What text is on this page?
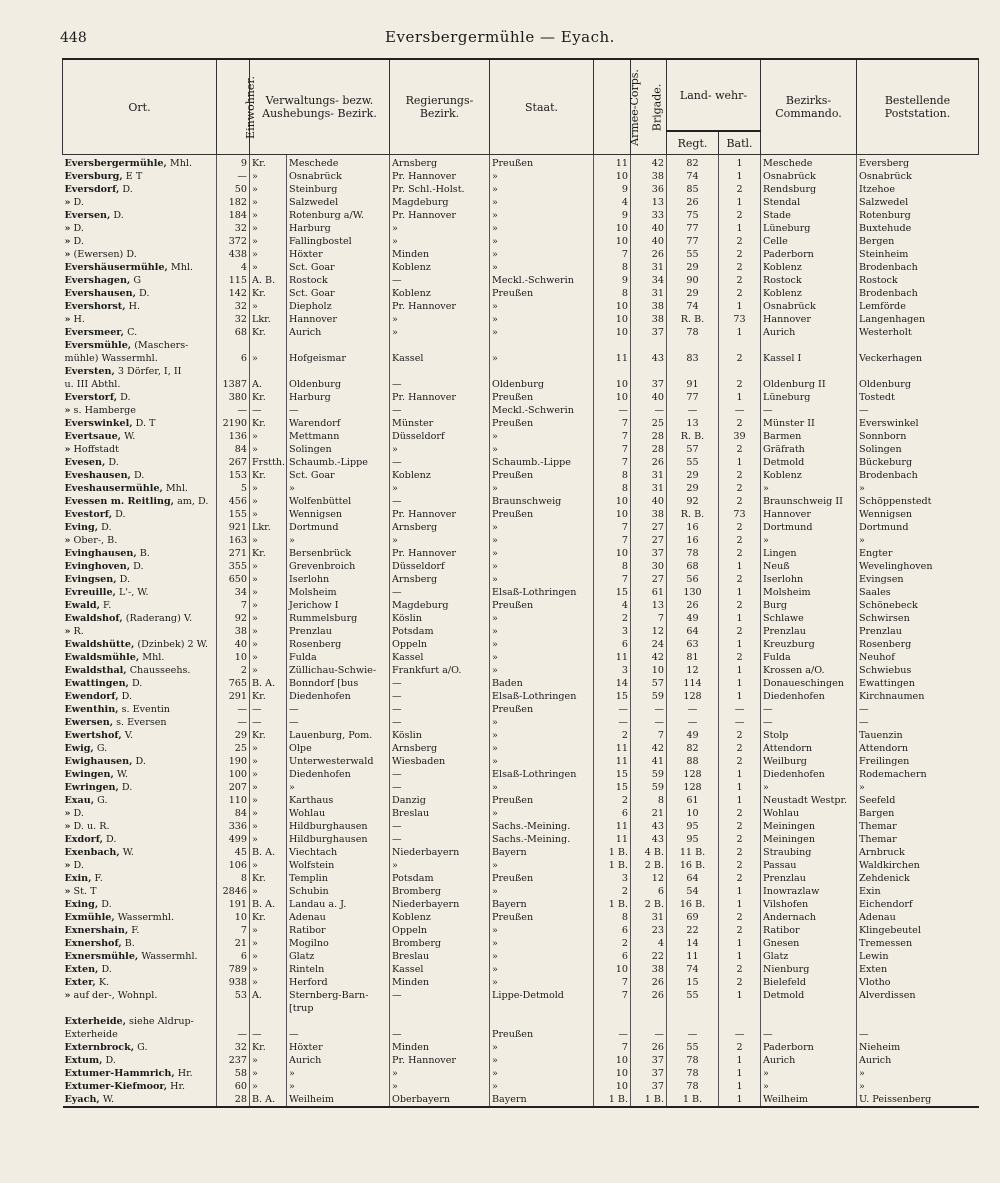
448	Eversbergermühle — Eyach.
Ort.	Einwohner.	Verwaltungs- bezw. Aushebungs- Bezirk.		Regierungs- Bezirk.	Staat.	Armee-Corps.	Brigade.	Land- wehr-		Bezirks- Commando.	Bestellende Poststation.
								Regt.	Batl.		
Eversbergermühle, Mhl.	9	Kr.	Meschede	Arnsberg	Preußen	11	42	82	1	Meschede	Eversberg
Eversburg, E T	—	»	Osnabrück	Pr. Hannover	»	10	38	74	1	Osnabrück	Osnabrück
Eversdorf, D.	50	»	Steinburg	Pr. Schl.-Holst.	»	9	36	85	2	Rendsburg	Itzehoe
» D.	182	»	Salzwedel	Magdeburg	»	4	13	26	1	Stendal	Salzwedel
Eversen, D.	184	»	Rotenburg a/W.	Pr. Hannover	»	9	33	75	2	Stade	Rotenburg
» D.	32	»	Harburg	»	»	10	40	77	1	Lüneburg	Buxtehude
» D.	372	»	Fallingbostel	»	»	10	40	77	2	Celle	Bergen
» (Ewersen) D.	438	»	Höxter	Minden	»	7	26	55	2	Paderborn	Steinheim
Evershäusermühle, Mhl.	4	»	Sct. Goar	Koblenz	»	8	31	29	2	Koblenz	Brodenbach
Evershagen, G	115	A. B.	Rostock	—	Meckl.-Schwerin	9	34	90	2	Rostock	Rostock
Evershausen, D.	142	Kr.	Sct. Goar	Koblenz	Preußen	8	31	29	2	Koblenz	Brodenbach
Evershorst, H.	32	»	Diepholz	Pr. Hannover	»	10	38	74	1	Osnabrück	Lemförde
» H.	32	Lkr.	Hannover	»	»	10	38	R. B.	73	Hannover	Langenhagen
Eversmeer, C.	68	Kr.	Aurich	»	»	10	37	78	1	Aurich	Westerholt
Eversmühle, (Maschers-											
mühle) Wassermhl.	6	»	Hofgeismar	Kassel	»	11	43	83	2	Kassel I	Veckerhagen
Eversten, 3 Dörfer, I, II											
u. III Abthl.	1387	A.	Oldenburg	—	Oldenburg	10	37	91	2	Oldenburg II	Oldenburg
Everstorf, D.	380	Kr.	Harburg	Pr. Hannover	Preußen	10	40	77	1	Lüneburg	Tostedt
» s. Hamberge	—	—	—	—	Meckl.-Schwerin	—	—	—	—	—	—
Everswinkel, D. T	2190	Kr.	Warendorf	Münster	Preußen	7	25	13	2	Münster II	Everswinkel
Evertsaue, W.	136	»	Mettmann	Düsseldorf	»	7	28	R. B.	39	Barmen	Sonnborn
» Hoffstadt	84	»	Solingen	»	»	7	28	57	2	Gräfrath	Solingen
Evesen, D.	267	Frstth.	Schaumb.-Lippe	—	Schaumb.-Lippe	7	26	55	1	Detmold	Bückeburg
Eveshausen, D.	153	Kr.	Sct. Goar	Koblenz	Preußen	8	31	29	2	Koblenz	Brodenbach
Eveshausermühle, Mhl.	5	»	»	»	»	8	31	29	2	»	»
Evessen m. Reitling, am, D.	456	»	Wolfenbüttel	—	Braunschweig	10	40	92	2	Braunschweig II	Schöppenstedt
Evestorf, D.	155	»	Wennigsen	Pr. Hannover	Preußen	10	38	R. B.	73	Hannover	Wennigsen
Eving, D.	921	Lkr.	Dortmund	Arnsberg	»	7	27	16	2	Dortmund	Dortmund
» Ober-, B.	163	»	»	»	»	7	27	16	2	»	»
Evinghausen, B.	271	Kr.	Bersenbrück	Pr. Hannover	»	10	37	78	2	Lingen	Engter
Evinghoven, D.	355	»	Grevenbroich	Düsseldorf	»	8	30	68	1	Neuß	Wevelinghoven
Evingsen, D.	650	»	Iserlohn	Arnsberg	»	7	27	56	2	Iserlohn	Evingsen
Evreuille, L'-, W.	34	»	Molsheim	—	Elsaß-Lothringen	15	61	130	1	Molsheim	Saales
Ewald, F.	7	»	Jerichow I	Magdeburg	Preußen	4	13	26	2	Burg	Schönebeck
Ewaldshof, (Raderang) V.	92	»	Rummelsburg	Köslin	»	2	7	49	1	Schlawe	Schwirsen
» R.	38	»	Prenzlau	Potsdam	»	3	12	64	2	Prenzlau	Prenzlau
Ewaldshütte, (Dzinbek) 2 W.	40	»	Rosenberg	Oppeln	»	6	24	63	1	Kreuzburg	Rosenberg
Ewaldsmühle, Mhl.	10	»	Fulda	Kassel	»	11	42	81	2	Fulda	Neuhof
Ewaldsthal, Chausseehs.	2	»	Züllichau-Schwie-	Frankfurt a/O.	»	3	10	12	1	Krossen a/O.	Schwiebus
Ewattingen, D.	765	B. A.	Bonndorf [bus	—	Baden	14	57	114	1	Donaueschingen	Ewattingen
Ewendorf, D.	291	Kr.	Diedenhofen	—	Elsaß-Lothringen	15	59	128	1	Diedenhofen	Kirchnaumen
Ewenthin, s. Eventin	—	—	—	—	Preußen	—	—	—	—	—	—
Ewersen, s. Eversen	—	—	—	—	»	—	—	—	—	—	—
Ewertshof, V.	29	Kr.	Lauenburg, Pom.	Köslin	»	2	7	49	2	Stolp	Tauenzin
Ewig, G.	25	»	Olpe	Arnsberg	»	11	42	82	2	Attendorn	Attendorn
Ewighausen, D.	190	»	Unterwesterwald	Wiesbaden	»	11	41	88	2	Weilburg	Freilingen
Ewingen, W.	100	»	Diedenhofen	—	Elsaß-Lothringen	15	59	128	1	Diedenhofen	Rodemachern
Ewringen, D.	207	»	»	—	»	15	59	128	1	»	»
Exau, G.	110	»	Karthaus	Danzig	Preußen	2	8	61	1	Neustadt Westpr.	Seefeld
» D.	84	»	Wohlau	Breslau	»	6	21	10	2	Wohlau	Bargen
» D. u. R.	336	»	Hildburghausen	—	Sachs.-Meining.	11	43	95	2	Meiningen	Themar
Exdorf, D.	499	»	Hildburghausen	—	Sachs.-Meining.	11	43	95	2	Meiningen	Themar
Exenbach, W.	45	B. A.	Viechtach	Niederbayern	Bayern	1 B.	4 B.	11 B.	2	Straubing	Arnbruck
» D.	106	»	Wolfstein	»	»	1 B.	2 B.	16 B.	2	Passau	Waldkirchen
Exin, F.	8	Kr.	Templin	Potsdam	Preußen	3	12	64	2	Prenzlau	Zehdenick
» St. T	2846	»	Schubin	Bromberg	»	2	6	54	1	Inowrazlaw	Exin
Exing, D.	191	B. A.	Landau a. J.	Niederbayern	Bayern	1 B.	2 B.	16 B.	1	Vilshofen	Eichendorf
Exmühle, Wassermhl.	10	Kr.	Adenau	Koblenz	Preußen	8	31	69	2	Andernach	Adenau
Exnershain, F.	7	»	Ratibor	Oppeln	»	6	23	22	2	Ratibor	Klingebeutel
Exnershof, B.	21	»	Mogilno	Bromberg	»	2	4	14	1	Gnesen	Tremessen
Exnersmühle, Wassermhl.	6	»	Glatz	Breslau	»	6	22	11	1	Glatz	Lewin
Exten, D.	789	»	Rinteln	Kassel	»	10	38	74	2	Nienburg	Exten
Exter, K.	938	»	Herford	Minden	»	7	26	15	2	Bielefeld	Vlotho
» auf der-, Wohnpl.	53	A.	Sternberg-Barn-	—	Lippe-Detmold	7	26	55	1	Detmold	Alverdissen
			[trup								
Exterheide, siehe Aldrup-											
Exterheide	—	—	—	—	Preußen	—	—	—	—	—	—
Externbrock, G.	32	Kr.	Höxter	Minden	»	7	26	55	2	Paderborn	Nieheim
Extum, D.	237	»	Aurich	Pr. Hannover	»	10	37	78	1	Aurich	Aurich
Extumer-Hammrich, Hr.	58	»	»	»	»	10	37	78	1	»	»
Extumer-Kiefmoor, Hr.	60	»	»	»	»	10	37	78	1	»	»
Eyach, W.	28	B. A.	Weilheim	Oberbayern	Bayern	1 B.	1 B.	1 B.	1	Weilheim	U. Peissenberg
